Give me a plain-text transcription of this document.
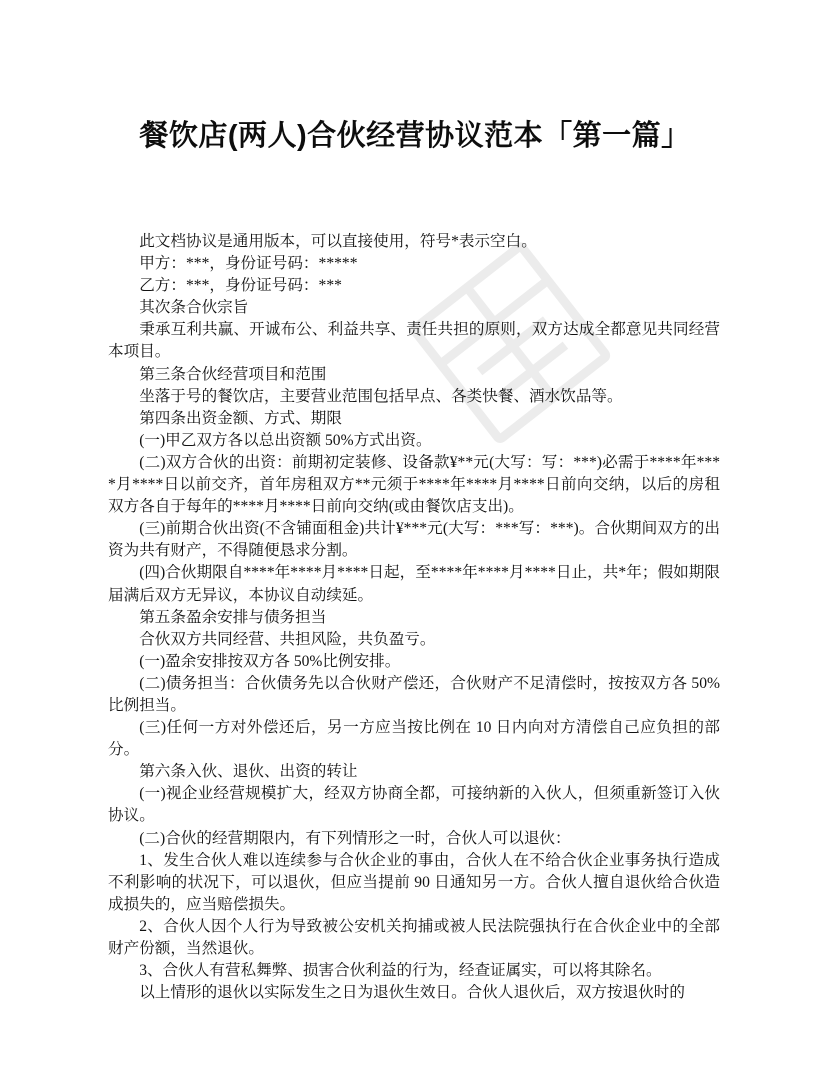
餐饮店(两人)合伙经营协议范本「第一篇」

此文档协议是通用版本，可以直接使用，符号*表示空白。

甲方：***，身份证号码：*****

乙方：***，身份证号码：***

其次条合伙宗旨

秉承互利共赢、开诚布公、利益共享、责任共担的原则，双方达成全都意见共同经营本项目。

第三条合伙经营项目和范围

坐落于号的餐饮店，主要营业范围包括早点、各类快餐、酒水饮品等。

第四条出资金额、方式、期限

(一)甲乙双方各以总出资额 50%方式出资。

(二)双方合伙的出资：前期初定装修、设备款¥**元(大写：写：***)必需于****年****月****日以前交齐，首年房租双方**元须于****年****月****日前向交纳，以后的房租双方各自于每年的****月****日前向交纳(或由餐饮店支出)。

(三)前期合伙出资(不含铺面租金)共计¥***元(大写：***写：***)。合伙期间双方的出资为共有财产，不得随便恳求分割。

(四)合伙期限自****年****月****日起，至****年****月****日止，共*年；假如期限届满后双方无异议，本协议自动续延。

第五条盈余安排与债务担当

合伙双方共同经营、共担风险，共负盈亏。

(一)盈余安排按双方各 50%比例安排。

(二)债务担当：合伙债务先以合伙财产偿还，合伙财产不足清偿时，按按双方各 50%比例担当。

(三)任何一方对外偿还后，另一方应当按比例在 10 日内向对方清偿自己应负担的部分。

第六条入伙、退伙、出资的转让

(一)视企业经营规模扩大，经双方协商全都，可接纳新的入伙人，但须重新签订入伙协议。

(二)合伙的经营期限内，有下列情形之一时，合伙人可以退伙：

1、发生合伙人难以连续参与合伙企业的事由，合伙人在不给合伙企业事务执行造成不利影响的状况下，可以退伙，但应当提前 90 日通知另一方。合伙人擅自退伙给合伙造成损失的，应当赔偿损失。

2、合伙人因个人行为导致被公安机关拘捕或被人民法院强执行在合伙企业中的全部财产份额，当然退伙。

3、合伙人有营私舞弊、损害合伙利益的行为，经查证属实，可以将其除名。

以上情形的退伙以实际发生之日为退伙生效日。合伙人退伙后，双方按退伙时的
